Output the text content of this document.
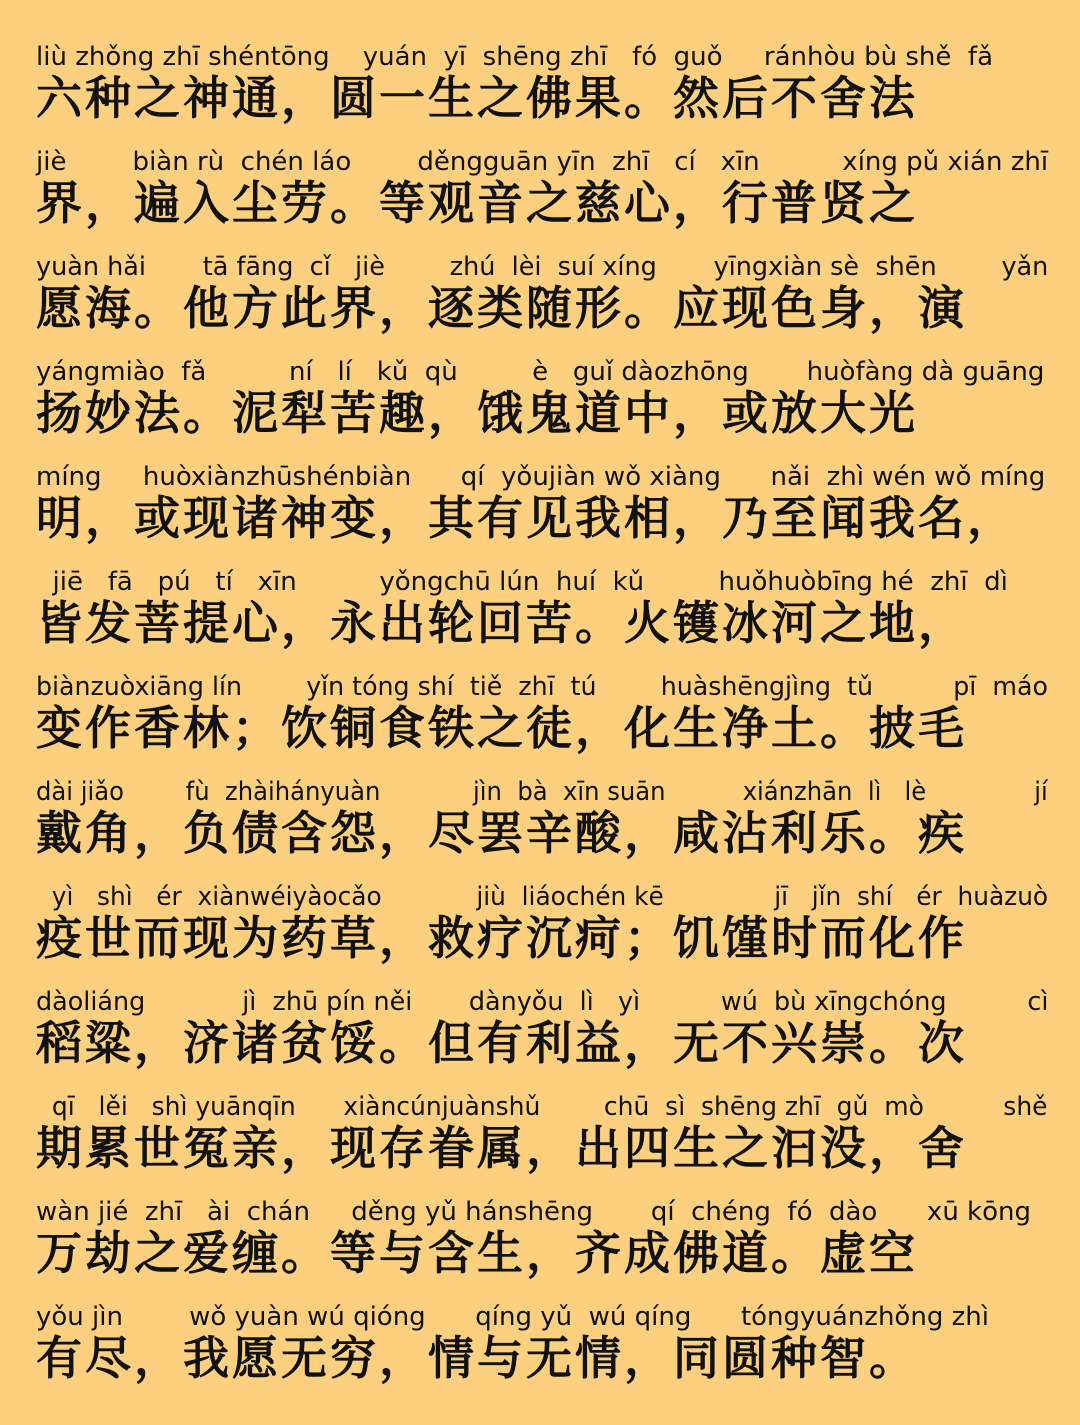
liù zhǒng zhī shéntōng    yuán  yī  shēng zhī   fó  guǒ     ránhòu bù shě  fǎ
六种之神通，圆一生之佛果。然后不舍法
jiè        biàn rù  chén láo        děngguān yīn  zhī   cí   xīn          xíng pǔ xián zhī
界，遍入尘劳。等观音之慈心，行普贤之
yuàn hǎi       tā fāng  cǐ   jiè        zhú  lèi  suí xíng       yīngxiàn sè  shēn        yǎn
愿海。他方此界，逐类随形。应现色身，演
yángmiào  fǎ          ní   lí   kǔ  qù         è   guǐ dàozhōng       huòfàng dà guāng
扬妙法。泥犁苦趣，饿鬼道中，或放大光
míng     huòxiànzhūshénbiàn      qí  yǒujiàn wǒ xiàng      nǎi  zhì wén wǒ míng
明，或现诸神变，其有见我相，乃至闻我名，
jiē   fā   pú   tí   xīn          yǒngchū lún  huí  kǔ         huǒhuòbīng hé  zhī  dì
皆发菩提心，永出轮回苦。火镬冰河之地，
biànzuòxiāng lín        yǐn tóng shí  tiě  zhī  tú        huàshēngjìng  tǔ          pī  máo
变作香林；饮铜食铁之徒，化生净土。披毛
dài jiǎo        fù  zhàihányuàn            jìn  bà  xīn suān          xiánzhān  lì   lè              jí
戴角，负债含怨，尽罢辛酸，咸沾利乐。疾
yì   shì   ér  xiànwéiyàocǎo            jiù  liáochén kē              jī   jǐn  shí   ér  huàzuò
疫世而现为药草，救疗沉疴；饥馑时而化作
dàoliáng            jì  zhū pín něi       dànyǒu  lì   yì          wú  bù xīngchóng          cì
稻粱，济诸贫馁。但有利益，无不兴崇。次
qī   lěi   shì yuānqīn      xiàncúnjuànshǔ        chū  sì  shēng zhī  gǔ  mò          shě
期累世冤亲，现存眷属，出四生之汩没，舍
wàn jié  zhī   ài  chán     děng yǔ hánshēng       qí  chéng  fó  dào      xū kōng
万劫之爱缠。等与含生，齐成佛道。虚空
yǒu jìn        wǒ yuàn wú qióng      qíng yǔ  wú qíng      tóngyuánzhǒng zhì
有尽，我愿无穷，情与无情，同圆种智。
